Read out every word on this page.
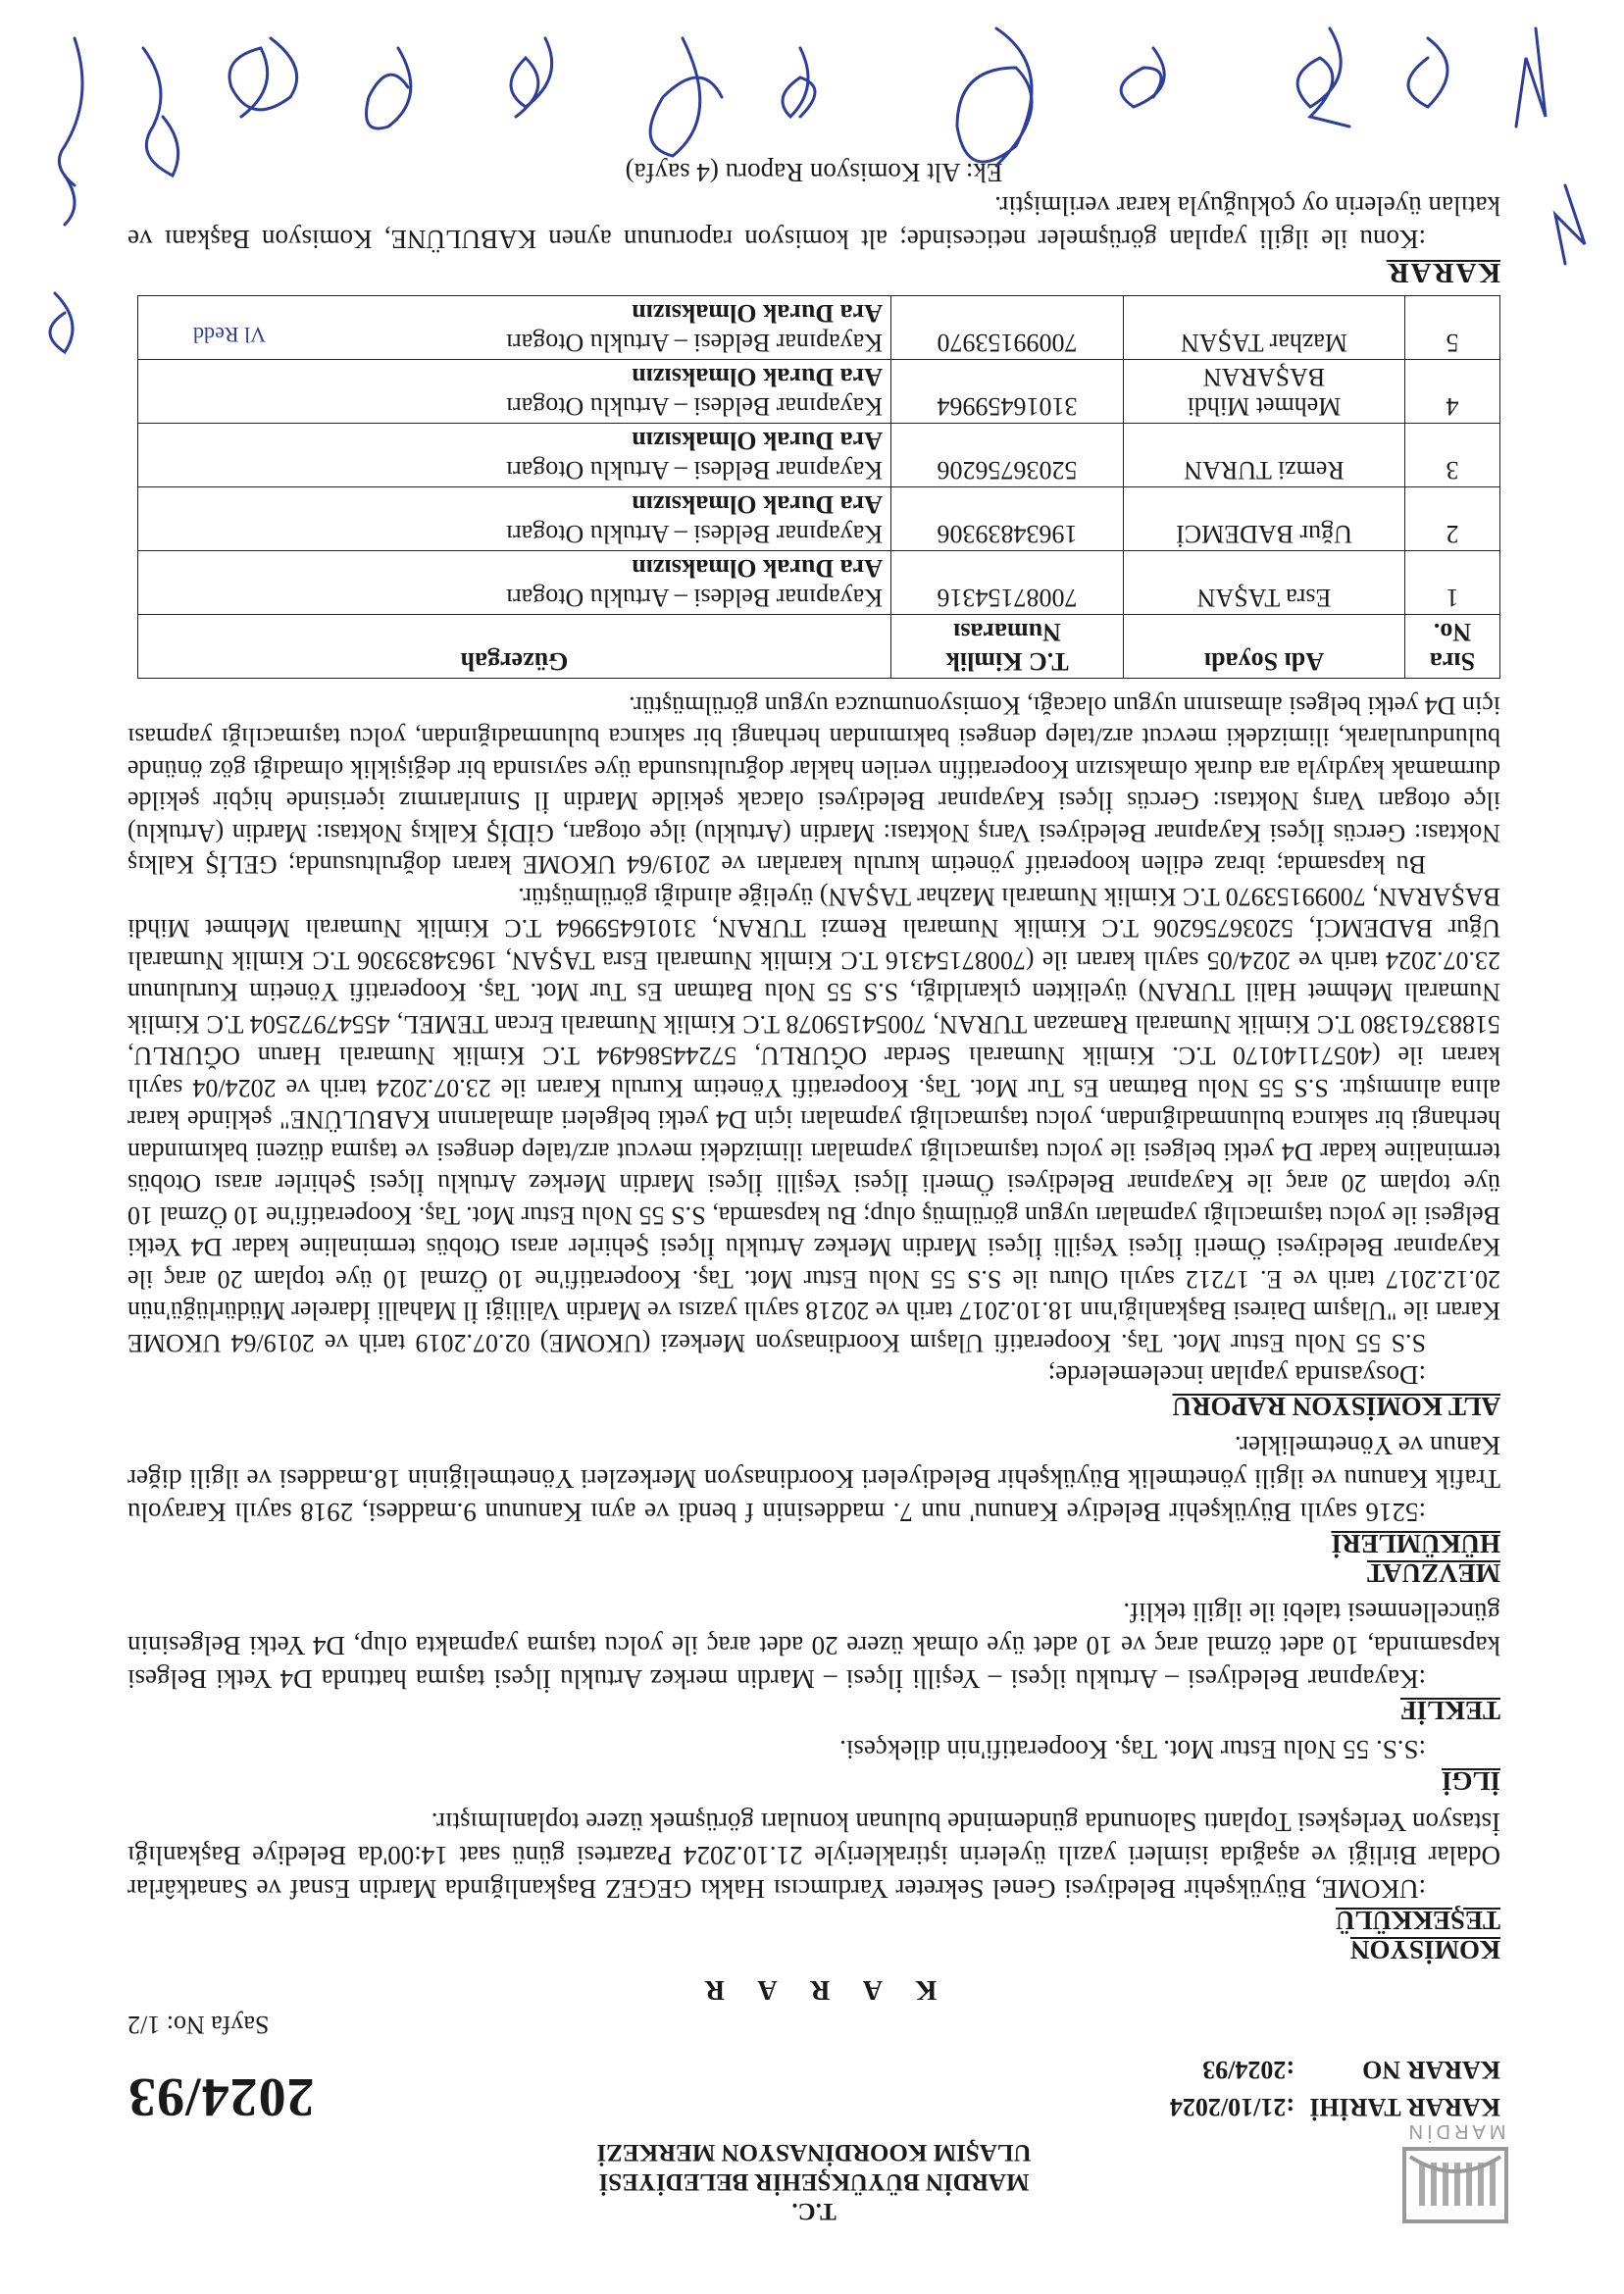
MARDİN
T.C.
MARDİN BÜYÜKŞEHİR BELEDİYESİ
ULAŞIM KOORDİNASYON MERKEZİ
KARAR TARİHİ
:21/10/2024
KARAR NO
:2024/93
2024/93
Sayfa No: 1/2
K A R A R
KOMİSYON
TEŞEKKÜLÜ
:UKOME, Büyükşehir Belediyesi Genel Sekreter Yardımcısı Hakkı GEGEZ Başkanlığında Mardin Esnaf ve Sanatkârlar Odalar Birliği ve aşağıda isimleri yazılı üyelerin iştirakleriyle 21.10.2024 Pazartesi günü saat 14:00'da Belediye Başkanlığı İstasyon Yerleşkesi Toplantı Salonunda gündeminde bulunan konuları görüşmek üzere toplanılmıştır.
İLGİ
:S.S. 55 Nolu Estur Mot. Taş. Kooperatifi'nin dilekçesi.
TEKLİF
:Kayapınar Belediyesi – Artuklu ilçesi – Yeşilli İlçesi – Mardin merkez Artuklu İlçesi taşıma hattında D4 Yetki Belgesi kapsamında, 10 adet özmal araç ve 10 adet üye olmak üzere 20 adet araç ile yolcu taşıma yapmakta olup, D4 Yetki Belgesinin güncellenmesi talebi ile ilgili teklif.
MEVZUAT
HÜKÜMLERİ
:5216 sayılı Büyükşehir Belediye Kanunu' nun 7. maddesinin f bendi ve aynı Kanunun 9.maddesi, 2918 sayılı Karayolu Trafik Kanunu ve ilgili yönetmelik Büyükşehir Belediyeleri Koordinasyon Merkezleri Yönetmeliğinin 18.maddesi ve ilgili diğer Kanun ve Yönetmelikler.
ALT KOMİSYON RAPORU
:Dosyasında yapılan incelemelerde;
S.S 55 Nolu Estur Mot. Taş. Kooperatifi Ulaşım Koordinasyon Merkezi (UKOME) 02.07.2019 tarih ve 2019/64 UKOME Kararı ile "Ulaşım Dairesi Başkanlığı'nın 18.10.2017 tarih ve 20218 sayılı yazısı ve Mardin Valiliği İl Mahalli İdareler Müdürlüğü'nün 20.12.2017 tarih ve E. 17212 sayılı Oluru ile S.S 55 Nolu Estur Mot. Taş. Kooperatifi'ne 10 Özmal 10 üye toplam 20 araç ile Kayapınar Belediyesi Ömerli İlçesi Yeşilli İlçesi Mardin Merkez Artuklu İlçesi Şehirler arası Otobüs terminaline kadar D4 Yetki Belgesi ile yolcu taşımacılığı yapmaları uygun görülmüş olup; Bu kapsamda, S.S 55 Nolu Estur Mot. Taş. Kooperatifi'ne 10 Özmal 10 üye toplam 20 araç ile Kayapınar Belediyesi Ömerli İlçesi Yeşilli İlçesi Mardin Merkez Artuklu İlçesi Şehirler arası Otobüs terminaline kadar D4 yetki belgesi ile yolcu taşımacılığı yapmaları ilimizdeki mevcut arz/talep dengesi ve taşıma düzeni bakımından herhangi bir sakınca bulunmadığından, yolcu taşımacılığı yapmaları için D4 yetki belgeleri almalarının KABULÜNE" şeklinde karar alına alınmıştır. S.S 55 Nolu Batman Es Tur Mot. Taş. Kooperatifi Yönetim Kurulu Kararı ile 23.07.2024 tarih ve 2024/04 sayılı kararı ile (40571140170 T.C. Kimlik Numaralı Serdar OĞURLU, 57244586494 T.C Kimlik Numaralı Harun OĞURLU, 51883761380 T.C Kimlik Numaralı Ramazan TURAN, 70054159078 T.C Kimlik Numaralı Ercan TEMEL, 45547972504 T.C Kimlik Numaralı Mehmet Halil TURAN) üyelikten çıkarıldığı, S.S 55 Nolu Batman Es Tur Mot. Taş. Kooperatifi Yönetim Kurulunun 23.07.2024 tarih ve 2024/05 sayılı kararı ile (70087154316 T.C Kimlik Numaralı Esra TAŞAN, 19634839306 T.C Kimlik Numaralı Uğur BADEMCİ, 52036756206 T.C Kimlik Numaralı Remzi TURAN, 31016459964 T.C Kimlik Numaralı Mehmet Mihdi BAŞARAN, 70099153970 T.C Kimlik Numaralı Mazhar TAŞAN) üyeliğe alındığı görülmüştür.
Bu kapsamda; ibraz edilen kooperatif yönetim kurulu kararları ve 2019/64 UKOME kararı doğrultusunda; GELİŞ Kalkış Noktası: Gercüs İlçesi Kayapınar Belediyesi Varış Noktası: Mardin (Artuklu) ilçe otogarı, GİDİŞ Kalkış Noktası: Mardin (Artuklu) ilçe otogarı Varış Noktası: Gercüs İlçesi Kayapınar Belediyesi olacak şekilde Mardin İl Sınırlarımız içerisinde hiçbir şekilde durmamak kaydıyla ara durak olmaksızın Kooperatifin verilen haklar doğrultusunda üye sayısında bir değişiklik olmadığı göz önünde bulundurularak, ilimizdeki mevcut arz/talep dengesi bakımından herhangi bir sakınca bulunmadığından, yolcu taşımacılığı yapması için D4 yetki belgesi almasının uygun olacağı, Komisyonumuzca uygun görülmüştür.
Sıra No.	Adı Soyadı	T.C Kimlik Numarası	Güzergah
1	Esra TAŞAN	70087154316	Kayapınar Beldesi – Artuklu Otogarı
Ara Durak Olmaksızın

2	Uğur BADEMCİ	19634839306	Kayapınar Beldesi – Artuklu Otogarı
Ara Durak Olmaksızın

3	Remzi TURAN	52036756206	Kayapınar Beldesi – Artuklu Otogarı
Ara Durak Olmaksızın

4	Mehmet Mihdi BAŞARAN	31016459964	Kayapınar Beldesi – Artuklu Otogarı
Ara Durak Olmaksızın

5	Mazhar TAŞAN	70099153970	Kayapınar Beldesi – Artuklu Otogarı
Ara Durak Olmaksızın
KARAR
:Konu ile ilgili yapılan görüşmeler neticesinde; alt komisyon raporunun aynen KABULÜNE, Komisyon Başkanı ve katılan üyelerin oy çokluğuyla karar verilmiştir.
Ek: Alt Komisyon Raporu (4 sayfa)
Vl Redd
